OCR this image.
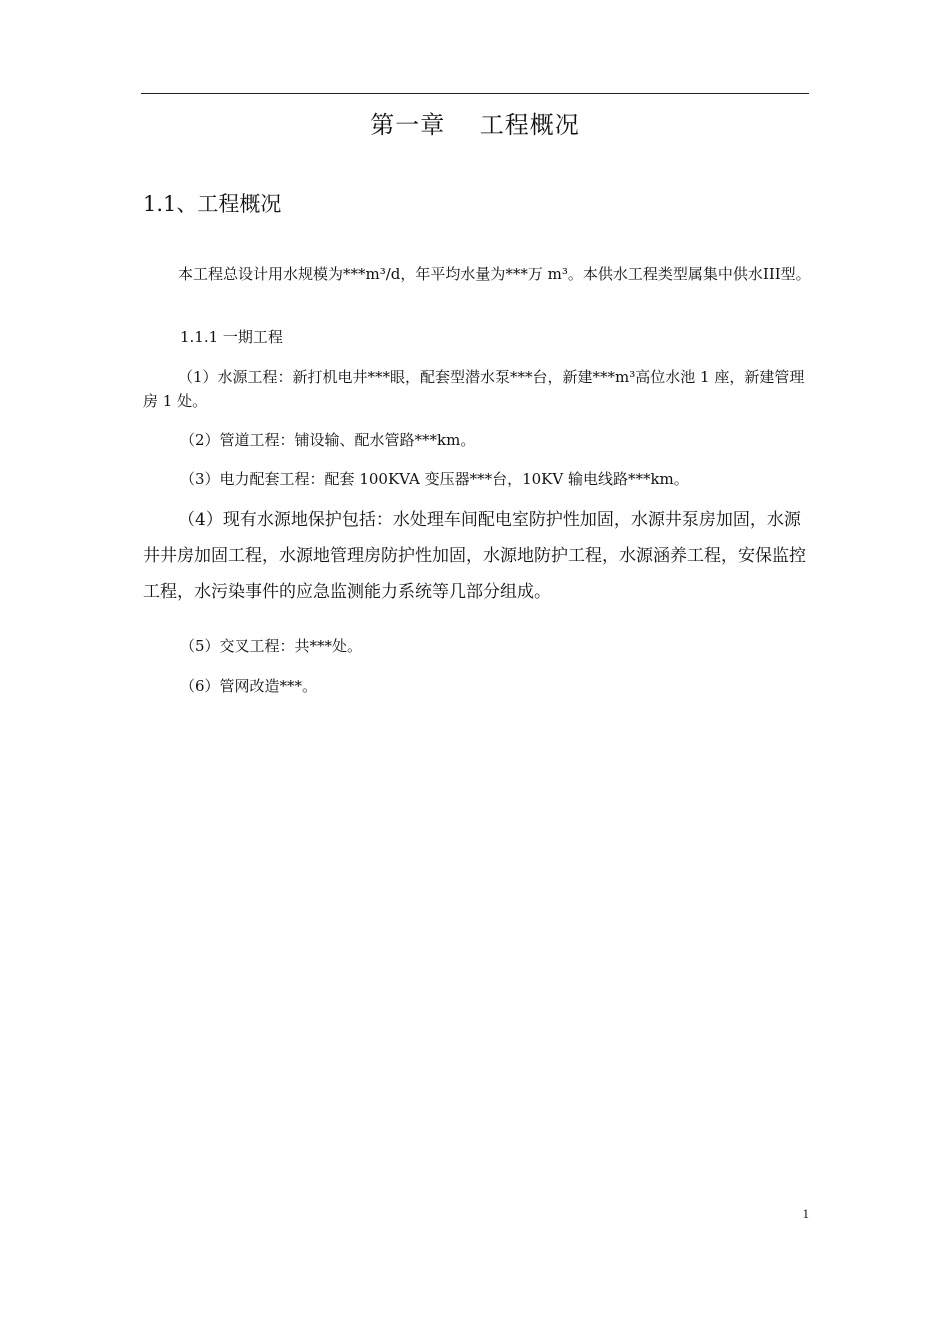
第一章    工程概况
1.1、工程概况

本工程总设计用水规模为***m³/d，年平均水量为***万 m³。本供水工程类型属集中供水III型。

1.1.1 一期工程

（1）水源工程：新打机电井***眼，配套型潜水泵***台，新建***m³高位水池 1 座，新建管理房 1 处。

（2）管道工程：铺设输、配水管路***km。
（3）电力配套工程：配套 100KVA 变压器***台，10KV 输电线路***km。

（4）现有水源地保护包括：水处理车间配电室防护性加固，水源井泵房加固，水源井井房加固工程，水源地管理房防护性加固，水源地防护工程，水源涵养工程，安保监控工程，水污染事件的应急监测能力系统等几部分组成。

（5）交叉工程：共***处。
（6）管网改造***。
1
